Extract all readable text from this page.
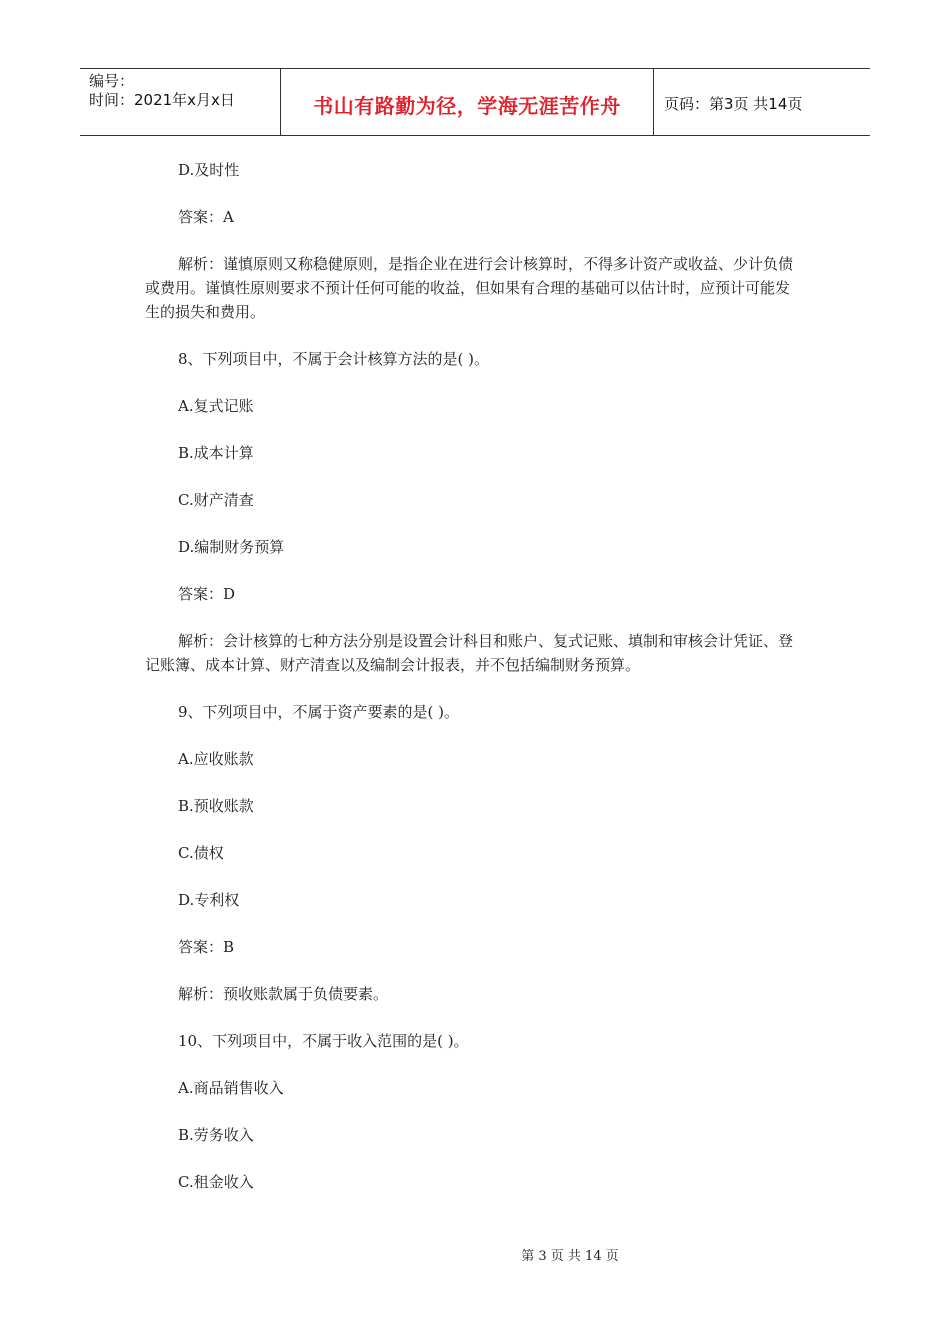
编号：
时间：2021年x月x日	书山有路勤为径，学海无涯苦作舟	页码：第3页 共14页

D.及时性

答案：A

解析：谨慎原则又称稳健原则，是指企业在进行会计核算时，不得多计资产或收益、少计负债或费用。谨慎性原则要求不预计任何可能的收益，但如果有合理的基础可以估计时，应预计可能发生的损失和费用。

8、下列项目中，不属于会计核算方法的是( )。

A.复式记账

B.成本计算

C.财产清查

D.编制财务预算

答案：D

解析：会计核算的七种方法分别是设置会计科目和账户、复式记账、填制和审核会计凭证、登记账簿、成本计算、财产清查以及编制会计报表，并不包括编制财务预算。

9、下列项目中，不属于资产要素的是( )。

A.应收账款

B.预收账款

C.债权

D.专利权

答案：B

解析：预收账款属于负债要素。

10、下列项目中，不属于收入范围的是( )。

A.商品销售收入

B.劳务收入

C.租金收入

第 3 页 共 14 页
